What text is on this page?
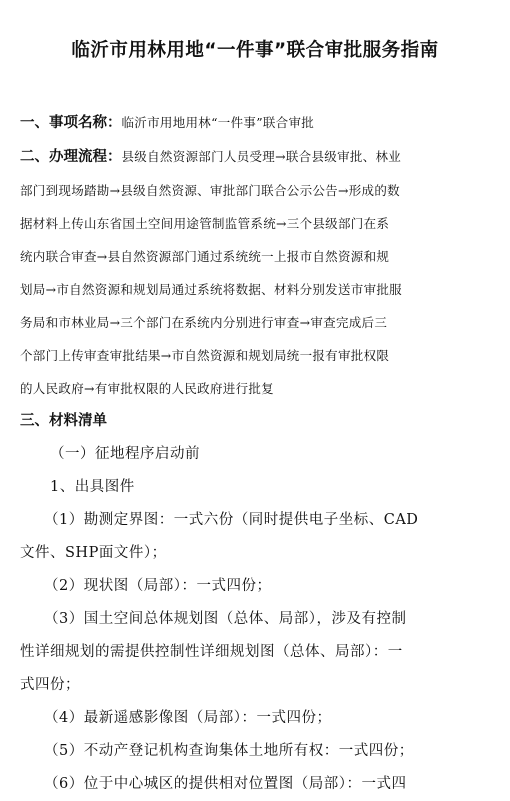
临沂市用林用地“一件事”联合审批服务指南
一、事项名称：临沂市用地用林“一件事”联合审批
二、办理流程：县级自然资源部门人员受理→联合县级审批、林业
部门到现场踏勘→县级自然资源、审批部门联合公示公告→形成的数
据材料上传山东省国土空间用途管制监管系统→三个县级部门在系
统内联合审查→县自然资源部门通过系统统一上报市自然资源和规
划局→市自然资源和规划局通过系统将数据、材料分别发送市审批服
务局和市林业局→三个部门在系统内分别进行审查→审查完成后三
个部门上传审查审批结果→市自然资源和规划局统一报有审批权限
的人民政府→有审批权限的人民政府进行批复
三、材料清单
（一）征地程序启动前
1、出具图件
（1）勘测定界图：一式六份（同时提供电子坐标、CAD
文件、SHP面文件）；
（2）现状图（局部）：一式四份；
（3）国土空间总体规划图（总体、局部），涉及有控制
性详细规划的需提供控制性详细规划图（总体、局部）：一
式四份；
（4）最新遥感影像图（局部）：一式四份；
（5）不动产登记机构查询集体土地所有权：一式四份；
（6）位于中心城区的提供相对位置图（局部）：一式四
